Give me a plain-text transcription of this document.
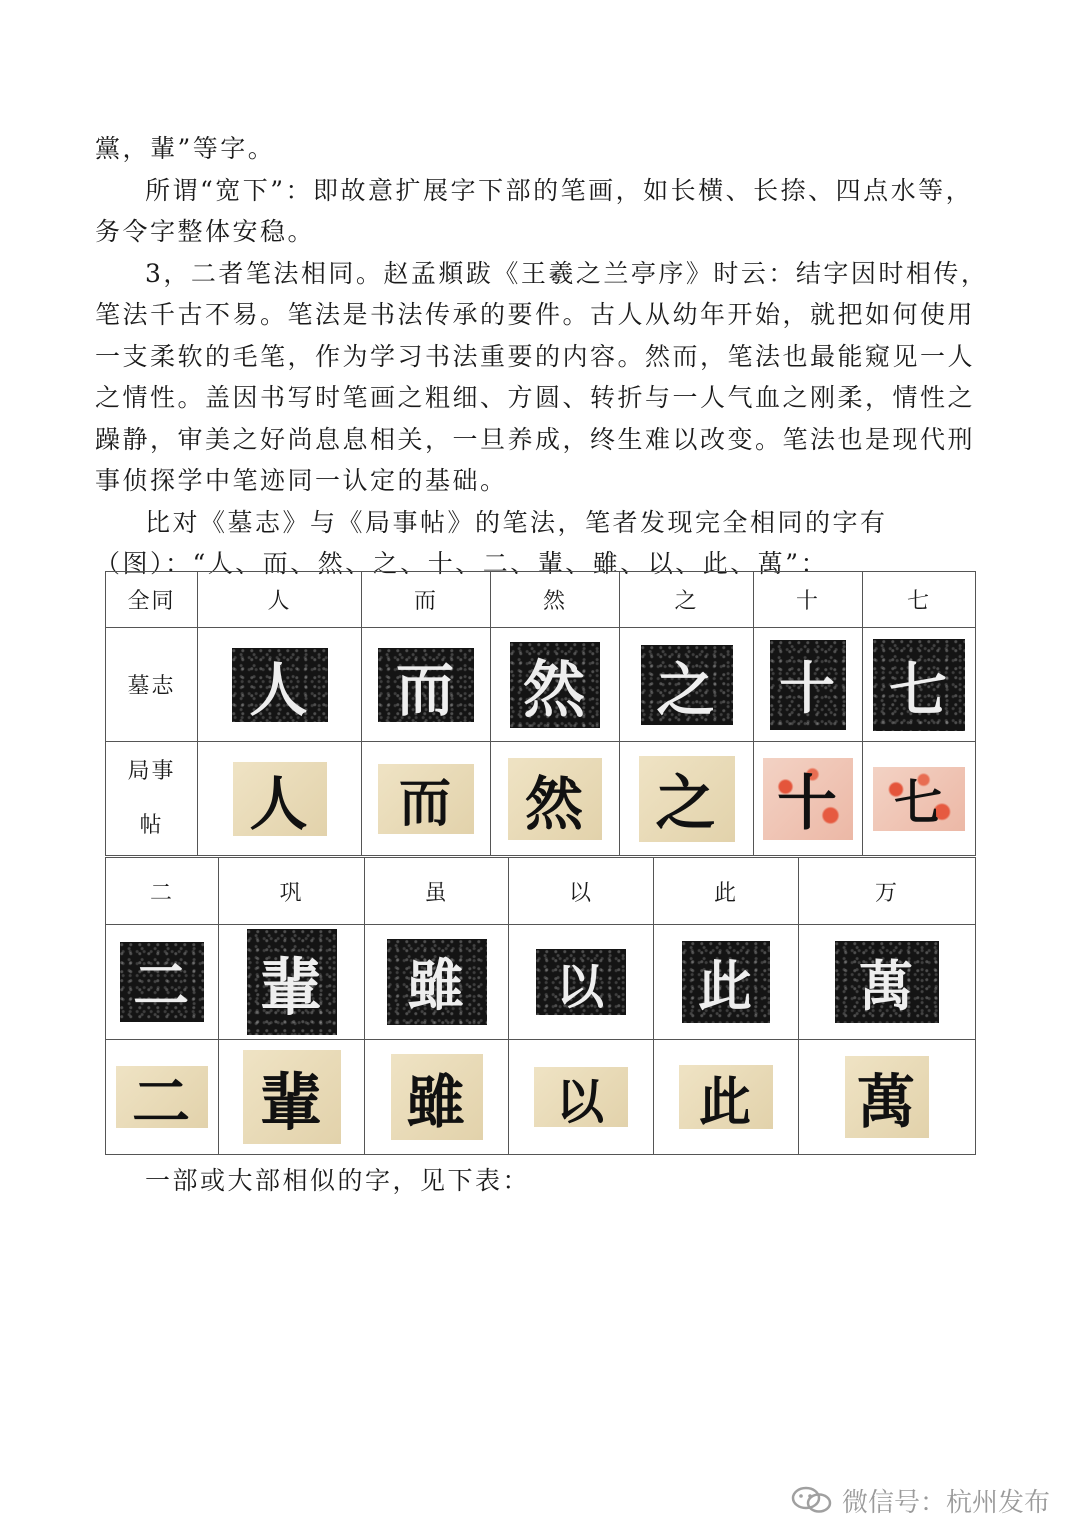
黨，輩”等字。

所谓“宽下”：即故意扩展字下部的笔画，如长横、长捺、四点水等，务令字整体安稳。

3，二者笔法相同。赵孟頫跋《王羲之兰亭序》时云：结字因时相传，笔法千古不易。笔法是书法传承的要件。古人从幼年开始，就把如何使用一支柔软的毛笔，作为学习书法重要的内容。然而，笔法也最能窥见一人之情性。盖因书写时笔画之粗细、方圆、转折与一人气血之刚柔，情性之躁静，审美之好尚息息相关，一旦养成，终生难以改变。笔法也是现代刑事侦探学中笔迹同一认定的基础。

比对《墓志》与《局事帖》的笔法，笔者发现完全相同的字有（图）：“人、而、然、之、十、二、輩、雖、以、此、萬”：

全同	人	而	然	之	十	七
墓志	人	而	然	之	十	七

局事
帖	人	而	然	之	十	七
二	巩	虽	以	此	万
二	輩	雖	以	此	萬
二	輩	雖	以	此	萬

一部或大部相似的字，见下表：

微信号：杭州发布
